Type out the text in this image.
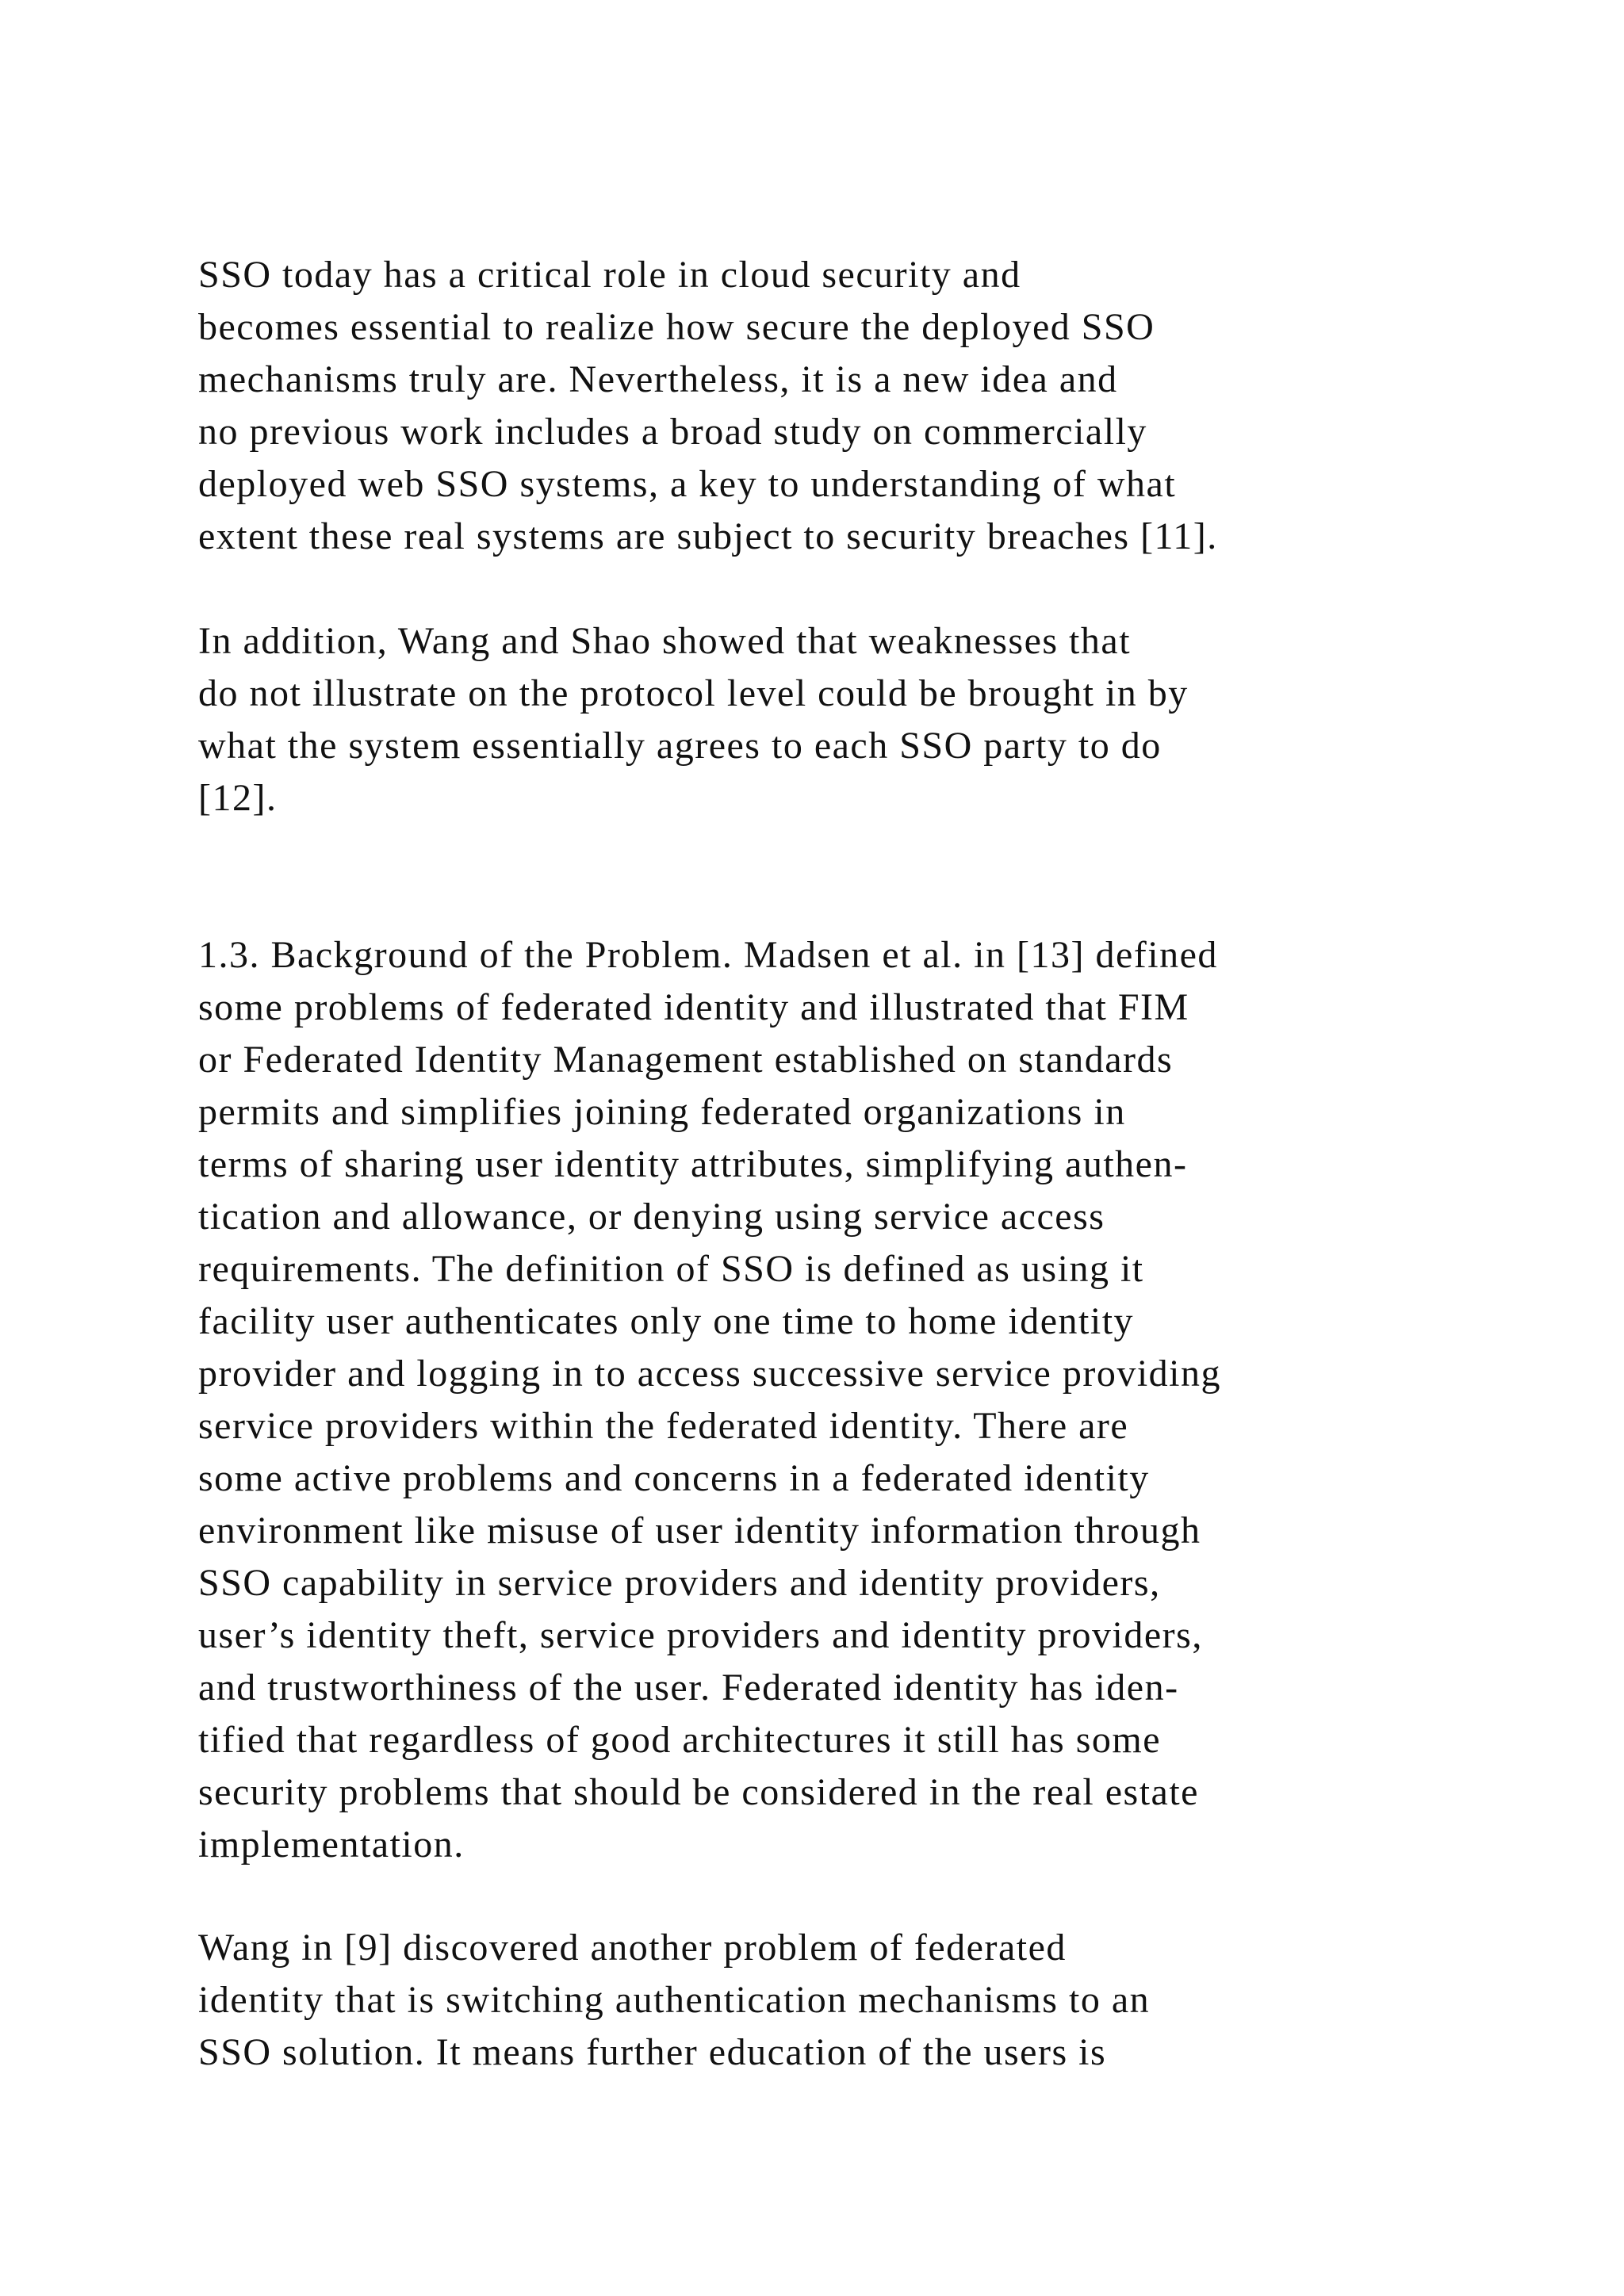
SSO today has a critical role in cloud security and
becomes essential to realize how secure the deployed SSO
mechanisms truly are. Nevertheless, it is a new idea and
no previous work includes a broad study on commercially
deployed web SSO systems, a key to understanding of what
extent these real systems are subject to security breaches [11].
In addition, Wang and Shao showed that weaknesses that
do not illustrate on the protocol level could be brought in by
what the system essentially agrees to each SSO party to do
[12].
1.3. Background of the Problem. Madsen et al. in [13] defined
some problems of federated identity and illustrated that FIM
or Federated Identity Management established on standards
permits and simplifies joining federated organizations in
terms of sharing user identity attributes, simplifying authen-
tication and allowance, or denying using service access
requirements. The definition of SSO is defined as using it
facility user authenticates only one time to home identity
provider and logging in to access successive service providing
service providers within the federated identity. There are
some active problems and concerns in a federated identity
environment like misuse of user identity information through
SSO capability in service providers and identity providers,
user’s identity theft, service providers and identity providers,
and trustworthiness of the user. Federated identity has iden-
tified that regardless of good architectures it still has some
security problems that should be considered in the real estate
implementation.
Wang in [9] discovered another problem of federated
identity that is switching authentication mechanisms to an
SSO solution. It means further education of the users is
